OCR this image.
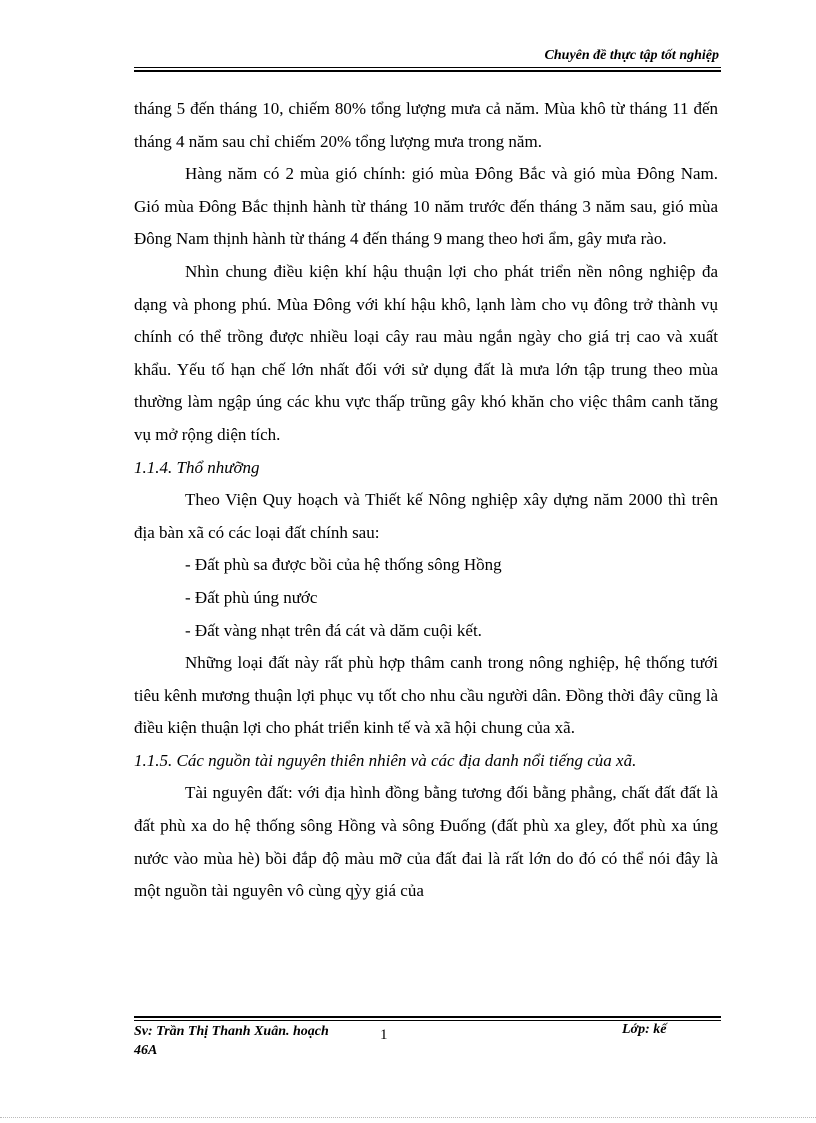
Chuyên đề thực tập tốt nghiệp

tháng 5 đến tháng 10, chiếm 80% tổng lượng mưa cả năm. Mùa khô từ tháng 11 đến tháng 4 năm sau chỉ chiếm 20% tổng lượng mưa trong năm.

Hàng năm có 2 mùa gió chính: gió mùa Đông Bắc và gió mùa Đông Nam. Gió mùa Đông Bắc thịnh hành từ tháng 10 năm trước đến tháng 3 năm sau, gió mùa Đông Nam thịnh hành từ tháng 4 đến tháng 9 mang theo hơi ẩm, gây mưa rào.

Nhìn chung điều kiện khí hậu thuận lợi cho phát triển nền nông nghiệp đa dạng và phong phú. Mùa Đông với khí hậu khô, lạnh làm cho vụ đông trở thành vụ chính có thể trồng được nhiều loại cây rau màu ngắn ngày cho giá trị cao và xuất khẩu. Yếu tố hạn chế lớn nhất đối với sử dụng đất là mưa lớn tập trung theo mùa thường làm ngập úng các khu vực thấp trũng gây khó khăn cho việc thâm canh tăng vụ mở rộng diện tích.

1.1.4. Thổ nhưỡng

Theo Viện Quy hoạch và Thiết kế Nông nghiệp xây dựng năm 2000 thì trên địa bàn xã có các loại đất chính sau:

- Đất phù sa được bồi của hệ thống sông Hồng

- Đất phù úng nước

- Đất vàng nhạt trên đá cát và dăm cuội kết.

Những loại đất này rất phù hợp thâm canh trong nông nghiệp, hệ thống tưới tiêu kênh mương thuận lợi phục vụ tốt cho nhu cầu người dân. Đồng thời đây cũng là điều kiện thuận lợi cho phát triển kinh tế và xã hội chung của xã.

1.1.5. Các nguồn tài nguyên thiên nhiên và các địa danh nổi tiếng của xã.

Tài nguyên đất: với địa hình đồng bằng tương đối bằng phẳng, chất đất đất là đất phù xa do hệ thống sông Hồng và sông Đuống (đất phù xa gley, đốt phù xa úng nước vào mùa hè) bồi đắp độ màu mỡ của đất đai là rất lớn do đó có thể nói đây là một nguồn tài nguyên vô cùng qỳy giá của

Sv: Trần Thị Thanh Xuân. hoạch 46A
1	Lớp: kế
